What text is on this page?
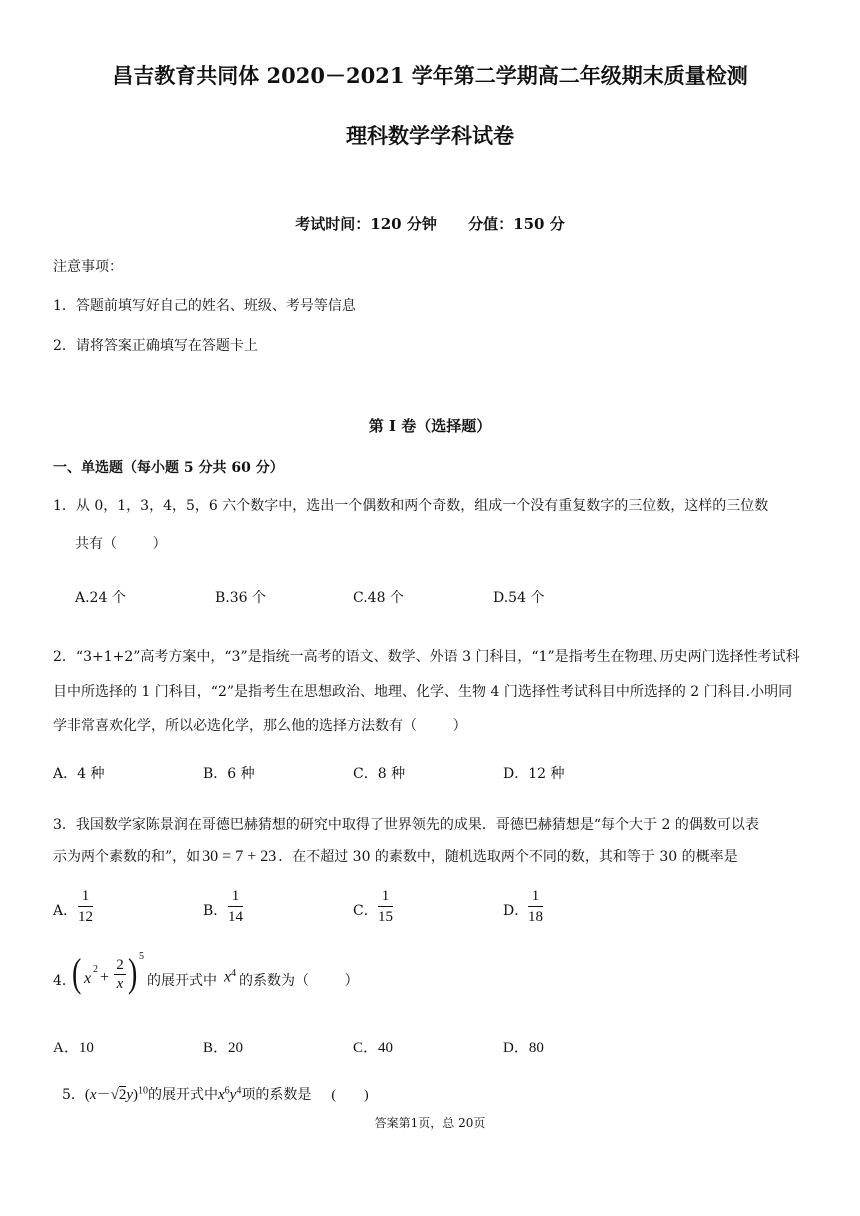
昌吉教育共同体 2020－2021 学年第二学期高二年级期末质量检测
理科数学学科试卷
考试时间：120 分钟      分值：150 分
注意事项：
1．答题前填写好自己的姓名、班级、考号等信息
2．请将答案正确填写在答题卡上
第 I 卷（选择题）
一、单选题（每小题 5 分共 60 分）
1．从 0，1，3，4，5，6 六个数字中，选出一个偶数和两个奇数，组成一个没有重复数字的三位数，这样的三位数
共有（        ）
A.24 个	B.36 个	C.48 个	D.54 个
2．“3+1+2”高考方案中，“3”是指统一高考的语文、数学、外语 3 门科目，“1”是指考生在物理､历史两门选择性考试科
目中所选择的 1 门科目，“2”是指考生在思想政治、地理、化学、生物 4 门选择性考试科目中所选择的 2 门科目.小明同
学非常喜欢化学，所以必选化学，那么他的选择方法数有（        ）
A．4 种	B．6 种	C．8 种	D．12 种
3．我国数学家陈景润在哥德巴赫猜想的研究中取得了世界领先的成果．哥德巴赫猜想是“每个大于 2 的偶数可以表
示为两个素数的和”，如 30 = 7 + 23 ．在不超过 30 的素数中，随机选取两个不同的数，其和等于 30 的概率是
A． $\frac{1}{12}$	B． $\frac{1}{14}$	C． $\frac{1}{15}$	D． $\frac{1}{18}$
4．
( x
2 +
2
x ) 5
的展开式中 $x^4$ 的系数为（        ）
A．10	B．20	C．40	D．80
5．$(x-√2y)^{10}$的展开式中$x^6y^4$项的系数是 (        )
答案第1页，总 20页
